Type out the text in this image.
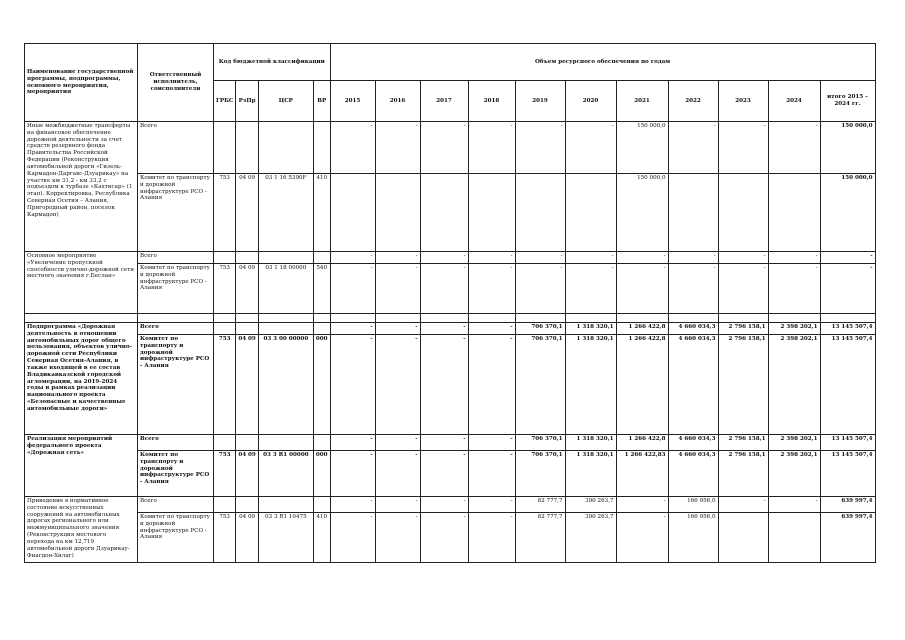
Наименование государственной программы, подпрограммы, основного мероприятия, мероприятия	Ответственный исполнитель, соисполнители	Код бюджетной классификации				Объем ресурсного обеспечения по годам										
		ГРБС	РзПр	ЦСР	ВР	2015	2016	2017	2018	2019	2020	2021	2022	2023	2024	итого 2015 – 2024 гг.
Иные межбюджетные трансферты на финансовое обеспечение дорожной деятельности за счет средств резервного фонда Правительства Российской Федерации (Реконструкция автомобильной дороги «Гизель-Кармадон-Даргавс-Дзуарикау» на участке км 31,2 - км 33,2 с подъездом к турбазе «Кахтисар» (1 этап). Корректировка, Республика Северная Осетия – Алания, Пригородный район, поселок Кармадон)	Всего					-	-	-	-	-	-	150 000,0	-	-	-	150 000,0
	Комитет по транспорту и дорожной инфраструктуре РСО - Алания	753	04 09	03 1 16 5390F	410							150 000,0				150 000,0
Основное мероприятие «Увеличение пропускной способности улично-дорожной сети местного значения г.Беслан»	Всего					-	-	-	-	-	-	-	-	-	-	-
	Комитет по транспорту и дорожной инфраструктуре РСО - Алания	753	04 09	03 1 18 00000	540	-	-	-	-	-	-	-	-	-	-	-

Подпрограмма «Дорожная деятельность в отношении автомобильных дорог общего пользования, объектов улично-дорожной сети Республики Северная Осетия-Алания, в также входящей в ее состав Владикавказской городской агломерации, на 2019-2024 годы в рамках реализации национального проекта «Безопасные и качественные автомобильные дороги»	Всего					-	-	-	-	706 370,1	1 318 320,1	1 266 422,8	4 660 034,3	2 796 158,1	2 398 202,1	13 145 507,4
	Комитет по транспорту и дорожной инфраструктуре РСО - Алания	753	04 09	03 3 00 00000	000	-	-	-	-	706 370,1	1 318 320,1	1 266 422,8	4 660 034,3	2 796 158,1	2 398 202,1	13 145 507,4
Реализация мероприятий федерального проекта «Дорожная сеть»	Всего					-	-	-	-	706 370,1	1 318 320,1	1 266 422,8	4 660 034,3	2 796 158,1	2 398 202,1	13 145 507,4
	Комитет по транспорту и дорожной инфраструктуре РСО - Алания	753	04 09	03 3 R1 00000	000	-	-	-	-	706 370,1	1 318 320,1	1 266 422,83	4 660 034,3	2 796 158,1	2 398 202,1	13 145 507,4
Приведение в нормативное состояние искусственных сооружений на автомобильных дорогах регионального или межмуниципального значения (Реконструкция мостового перехода на км 12,719 автомобильной дороги Дзуарикау-Фиагдон-Хилаг)	Всего					-	-	-	-	82 777,7	390 263,7	-	166 956,0	-	-	639 997,4
	Комитет по транспорту и дорожной инфраструктуре РСО - Алания	753	04 09	03 3 R1 10475	410	-	-	-	-	82 777,7	390 263,7	-	166 956,0			639 997,4
